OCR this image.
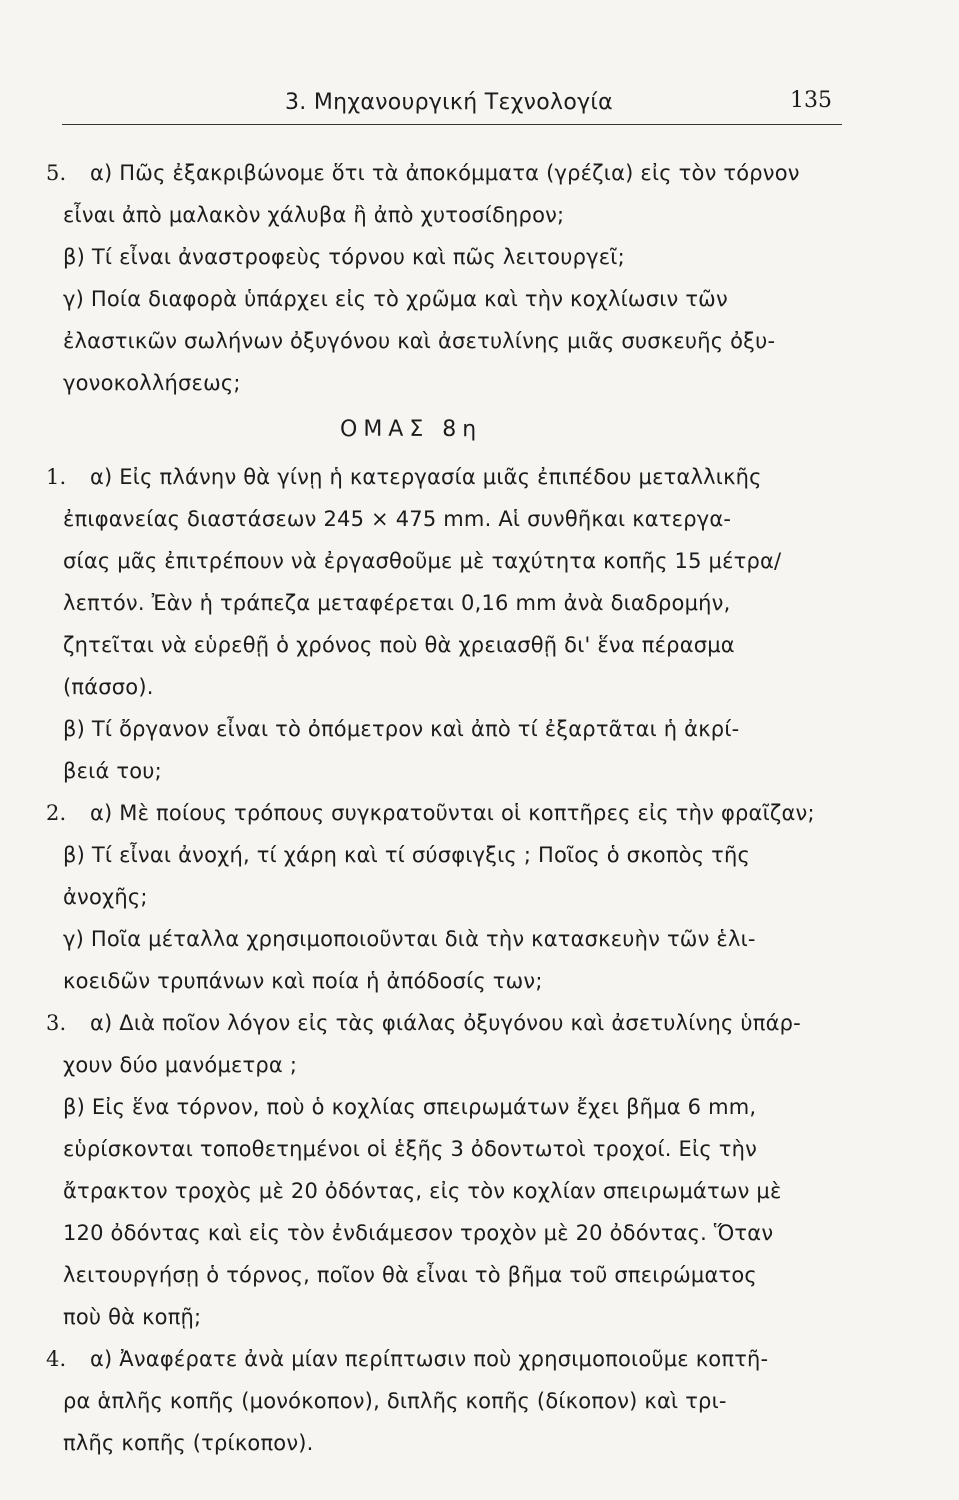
3. Μηχανουργική Τεχνολογία	135
5. α) Πῶς ἐξακριβώνομε ὅτι τὰ ἀποκόμματα (γρέζια) εἰς τὸν τόρνον
εἶναι ἀπὸ μαλακὸν χάλυβα ἢ ἀπὸ χυτοσίδηρον;
β) Τί εἶναι ἀναστροφεὺς τόρνου καὶ πῶς λειτουργεῖ;
γ) Ποία διαφορὰ ὑπάρχει εἰς τὸ χρῶμα καὶ τὴν κοχλίωσιν τῶν
ἐλαστικῶν σωλήνων ὀξυγόνου καὶ ἀσετυλίνης μιᾶς συσκευῆς ὀξυ-
γονοκολλήσεως;
ΟΜΑΣ 8η
1. α) Εἰς πλάνην θὰ γίνῃ ἡ κατεργασία μιᾶς ἐπιπέδου μεταλλικῆς
ἐπιφανείας διαστάσεων 245 × 475 mm. Αἱ συνθῆκαι κατεργα-
σίας μᾶς ἐπιτρέπουν νὰ ἐργασθοῦμε μὲ ταχύτητα κοπῆς 15 μέτρα/
λεπτόν. Ἐὰν ἡ τράπεζα μεταφέρεται 0,16 mm ἀνὰ διαδρομήν,
ζητεῖται νὰ εὑρεθῇ ὁ χρόνος ποὺ θὰ χρειασθῇ δι' ἕνα πέρασμα
(πάσσο).
β) Τί ὄργανον εἶναι τὸ ὀπόμετρον καὶ ἀπὸ τί ἐξαρτᾶται ἡ ἀκρί-
βειά του;
2. α) Μὲ ποίους τρόπους συγκρατοῦνται οἱ κοπτῆρες εἰς τὴν φραῖζαν;
β) Τί εἶναι ἀνοχή, τί χάρη καὶ τί σύσφιγξις ; Ποῖος ὁ σκοπὸς τῆς
ἀνοχῆς;
γ) Ποῖα μέταλλα χρησιμοποιοῦνται διὰ τὴν κατασκευὴν τῶν ἑλι-
κοειδῶν τρυπάνων καὶ ποία ἡ ἀπόδοσίς των;
3. α) Διὰ ποῖον λόγον εἰς τὰς φιάλας ὀξυγόνου καὶ ἀσετυλίνης ὑπάρ-
χουν δύο μανόμετρα ;
β) Εἰς ἕνα τόρνον, ποὺ ὁ κοχλίας σπειρωμάτων ἔχει βῆμα 6 mm,
εὑρίσκονται τοποθετημένοι οἱ ἑξῆς 3 ὀδοντωτοὶ τροχοί. Εἰς τὴν
ἄτρακτον τροχὸς μὲ 20 ὀδόντας, εἰς τὸν κοχλίαν σπειρωμάτων μὲ
120 ὀδόντας καὶ εἰς τὸν ἐνδιάμεσον τροχὸν μὲ 20 ὀδόντας. Ὅταν
λειτουργήσῃ ὁ τόρνος, ποῖον θὰ εἶναι τὸ βῆμα τοῦ σπειρώματος
ποὺ θὰ κοπῇ;
4. α) Ἀναφέρατε ἀνὰ μίαν περίπτωσιν ποὺ χρησιμοποιοῦμε κοπτῆ-
ρα ἁπλῆς κοπῆς (μονόκοπον), διπλῆς κοπῆς (δίκοπον) καὶ τρι-
πλῆς κοπῆς (τρίκοπον).
